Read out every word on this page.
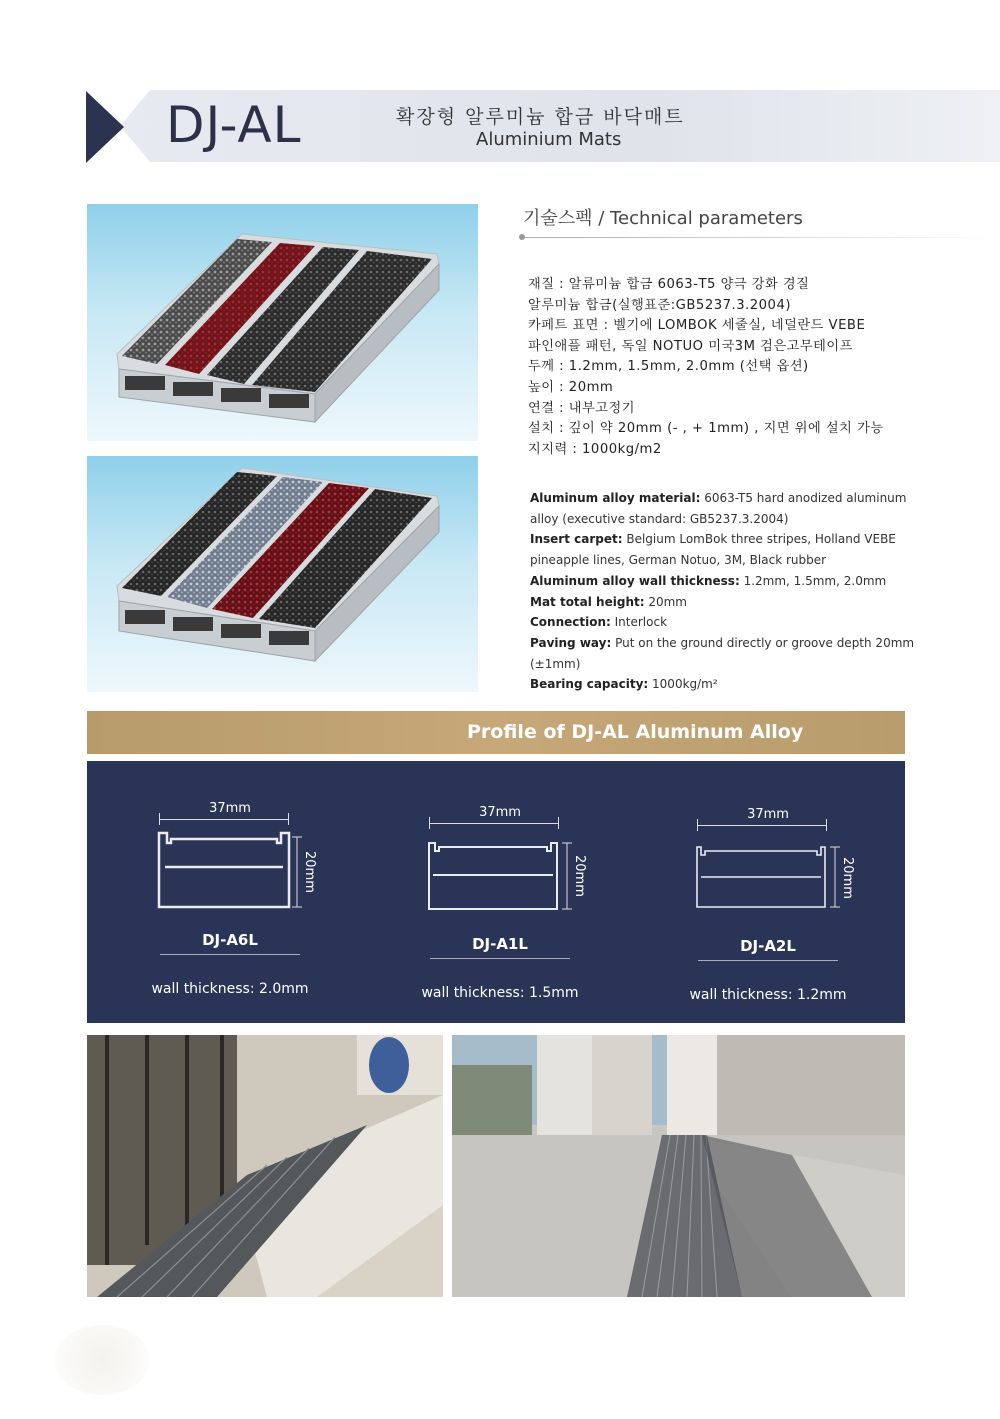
DJ-AL	확장형 알루미늄 합금 바닥매트
Aluminium Mats
기술스펙 / Technical parameters
재질 : 알류미늄 합금 6063-T5 양극 강화 경질
알루미늄 합금(실행표준:GB5237.3.2004)
카페트 표면 : 벨기에 LOMBOK 세줄실, 네덜란드 VEBE
파인애플 패턴, 독일 NOTUO 미국3M 검은고무테이프
두께 : 1.2mm, 1.5mm, 2.0mm (선택 옵션)
높이 : 20mm
연결 : 내부고정기
설치 : 깊이 약 20mm (- , + 1mm) , 지면 위에 설치 가능
지지력 : 1000kg/m2
Aluminum alloy material: 6063-T5 hard anodized aluminum
alloy (executive standard: GB5237.3.2004)
Insert carpet: Belgium LomBok three stripes, Holland VEBE
pineapple lines, German Notuo, 3M, Black rubber
Aluminum alloy wall thickness: 1.2mm, 1.5mm, 2.0mm
Mat total height: 20mm
Connection: Interlock
Paving way: Put on the ground directly or groove depth 20mm
(±1mm)
Bearing capacity: 1000kg/m²
Profile of DJ-AL Aluminum Alloy
37mm
20mm
DJ-A6L
wall thickness: 2.0mm
37mm
20mm
DJ-A1L
wall thickness: 1.5mm
37mm
20mm
DJ-A2L
wall thickness: 1.2mm
